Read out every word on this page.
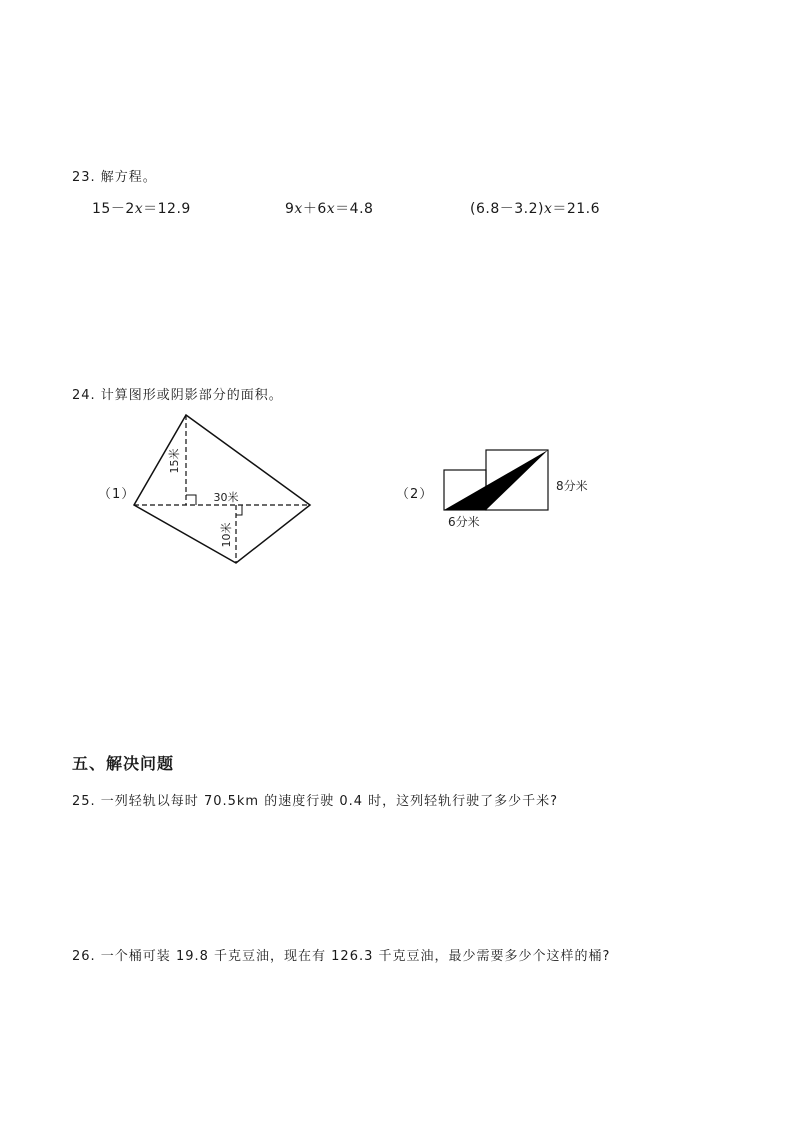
23. 解方程。
15－2x＝12.9	9x＋6x＝4.8	(6.8－3.2)x＝21.6
24. 计算图形或阴影部分的面积。
（1）
15米
30米
10米
（2）
8分米
6分米
五、解决问题
25. 一列轻轨以每时 70.5km 的速度行驶 0.4 时，这列轻轨行驶了多少千米?
26. 一个桶可装 19.8 千克豆油，现在有 126.3 千克豆油，最少需要多少个这样的桶?
